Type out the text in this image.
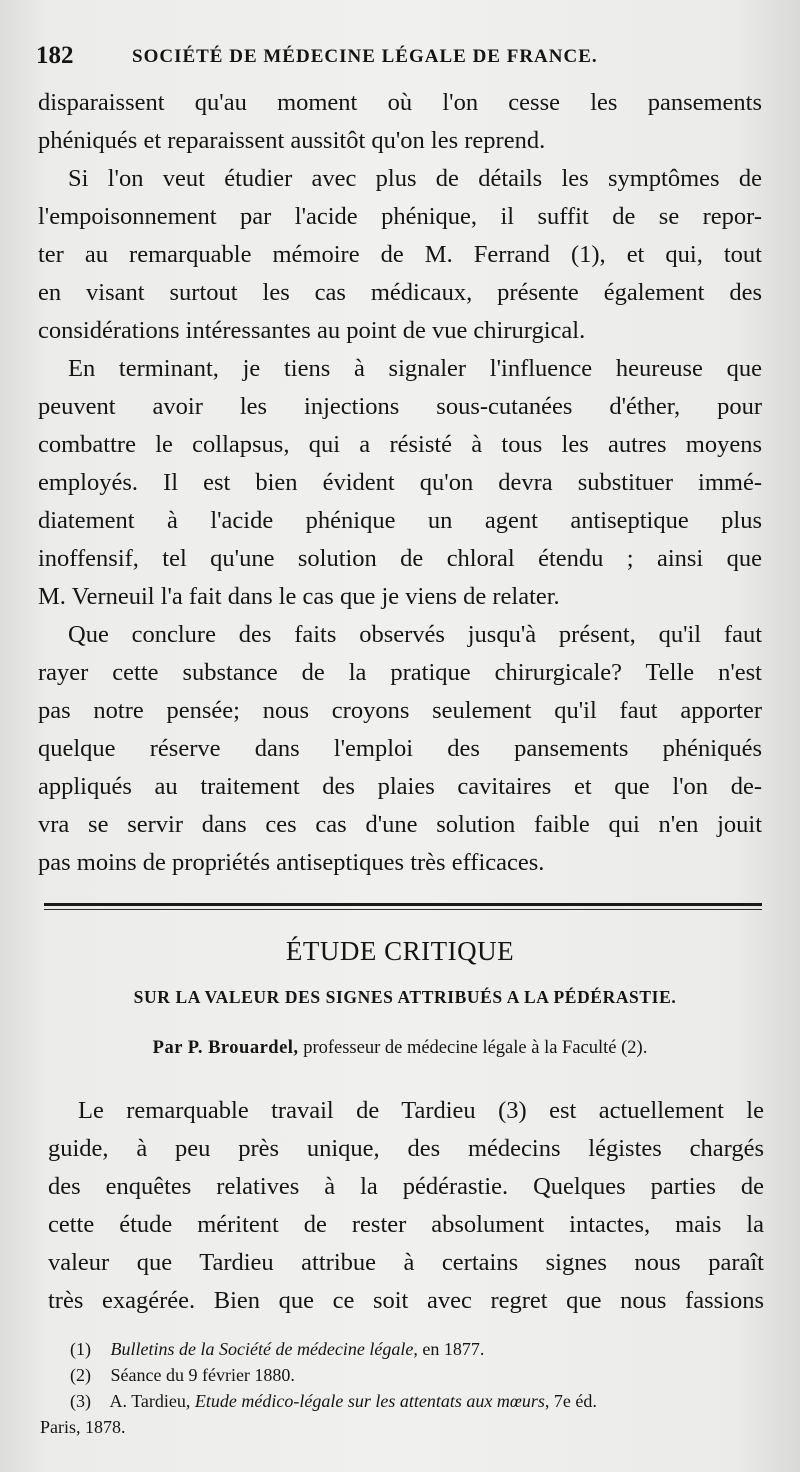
182	SOCIÉTÉ DE MÉDECINE LÉGALE DE FRANCE.
disparaissent qu'au moment où l'on cesse les pansements
phéniqués et reparaissent aussitôt qu'on les reprend.
Si l'on veut étudier avec plus de détails les symptômes de
l'empoisonnement par l'acide phénique, il suffit de se repor-
ter au remarquable mémoire de M. Ferrand (1), et qui, tout
en visant surtout les cas médicaux, présente également des
considérations intéressantes au point de vue chirurgical.
En terminant, je tiens à signaler l'influence heureuse que
peuvent avoir les injections sous-cutanées d'éther, pour
combattre le collapsus, qui a résisté à tous les autres moyens
employés. Il est bien évident qu'on devra substituer immé-
diatement à l'acide phénique un agent antiseptique plus
inoffensif, tel qu'une solution de chloral étendu ; ainsi que
M. Verneuil l'a fait dans le cas que je viens de relater.
Que conclure des faits observés jusqu'à présent, qu'il faut
rayer cette substance de la pratique chirurgicale? Telle n'est
pas notre pensée; nous croyons seulement qu'il faut apporter
quelque réserve dans l'emploi des pansements phéniqués
appliqués au traitement des plaies cavitaires et que l'on de-
vra se servir dans ces cas d'une solution faible qui n'en jouit
pas moins de propriétés antiseptiques très efficaces.
ÉTUDE CRITIQUE
SUR LA VALEUR DES SIGNES ATTRIBUÉS A LA PÉDÉRASTIE.
Par P. Brouardel, professeur de médecine légale à la Faculté (2).
Le remarquable travail de Tardieu (3) est actuellement le
guide, à peu près unique, des médecins légistes chargés
des enquêtes relatives à la pédérastie. Quelques parties de
cette étude méritent de rester absolument intactes, mais la
valeur que Tardieu attribue à certains signes nous paraît
très exagérée. Bien que ce soit avec regret que nous fassions
(1) Bulletins de la Société de médecine légale, en 1877.
(2) Séance du 9 février 1880.
(3) A. Tardieu, Etude médico-légale sur les attentats aux mœurs, 7e éd.
Paris, 1878.
